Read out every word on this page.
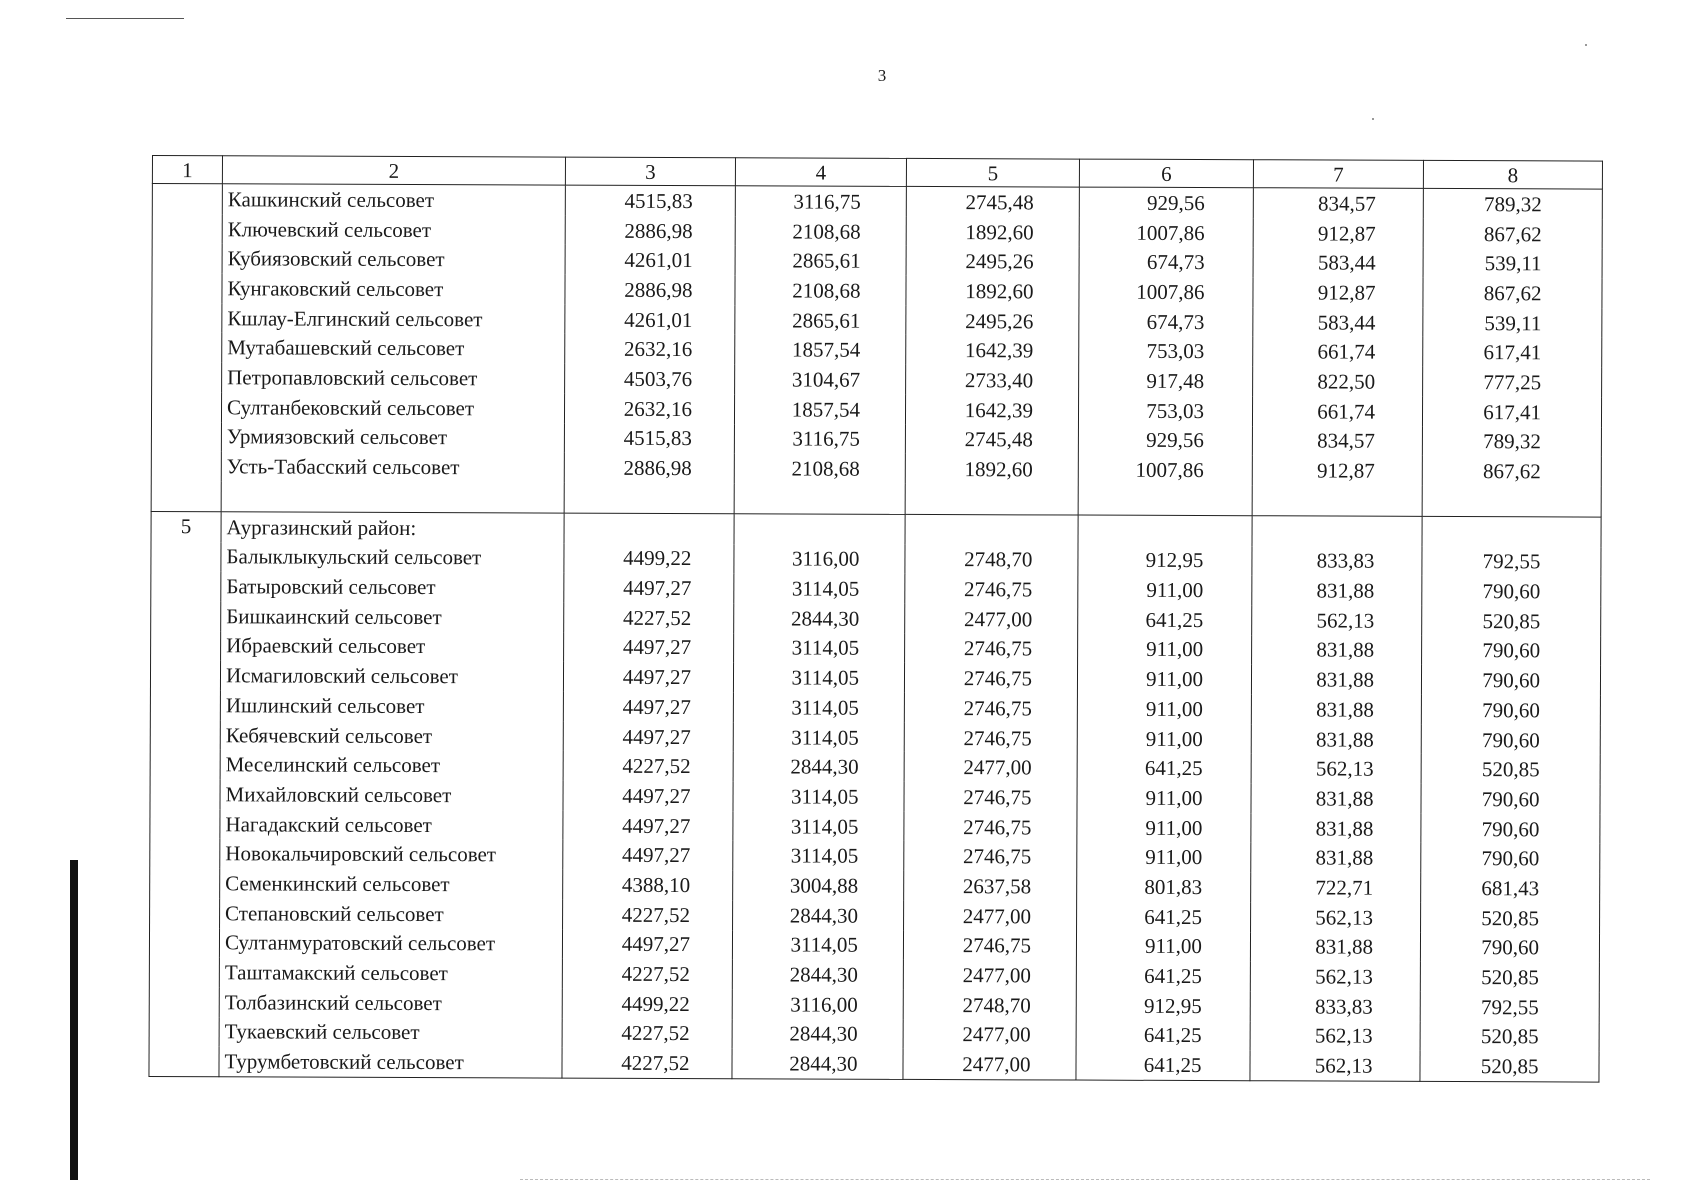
3
1	2	3	4	5	6	7	8
	Кашкинский сельсовет	4515,83	3116,75	2745,48	929,56	834,57	789,32
	Ключевский сельсовет	2886,98	2108,68	1892,60	1007,86	912,87	867,62
	Кубиязовский сельсовет	4261,01	2865,61	2495,26	674,73	583,44	539,11
	Кунгаковский сельсовет	2886,98	2108,68	1892,60	1007,86	912,87	867,62
	Кшлау-Елгинский сельсовет	4261,01	2865,61	2495,26	674,73	583,44	539,11
	Мутабашевский сельсовет	2632,16	1857,54	1642,39	753,03	661,74	617,41
	Петропавловский сельсовет	4503,76	3104,67	2733,40	917,48	822,50	777,25
	Султанбековский сельсовет	2632,16	1857,54	1642,39	753,03	661,74	617,41
	Урмиязовский сельсовет	4515,83	3116,75	2745,48	929,56	834,57	789,32
	Усть-Табасский сельсовет	2886,98	2108,68	1892,60	1007,86	912,87	867,62

5	Аургазинский район:						
	Балыклыкульский сельсовет	4499,22	3116,00	2748,70	912,95	833,83	792,55
	Батыровский сельсовет	4497,27	3114,05	2746,75	911,00	831,88	790,60
	Бишкаинский сельсовет	4227,52	2844,30	2477,00	641,25	562,13	520,85
	Ибраевский сельсовет	4497,27	3114,05	2746,75	911,00	831,88	790,60
	Исмагиловский сельсовет	4497,27	3114,05	2746,75	911,00	831,88	790,60
	Ишлинский сельсовет	4497,27	3114,05	2746,75	911,00	831,88	790,60
	Кебячевский сельсовет	4497,27	3114,05	2746,75	911,00	831,88	790,60
	Меселинский сельсовет	4227,52	2844,30	2477,00	641,25	562,13	520,85
	Михайловский сельсовет	4497,27	3114,05	2746,75	911,00	831,88	790,60
	Нагадакский сельсовет	4497,27	3114,05	2746,75	911,00	831,88	790,60
	Новокальчировский сельсовет	4497,27	3114,05	2746,75	911,00	831,88	790,60
	Семенкинский сельсовет	4388,10	3004,88	2637,58	801,83	722,71	681,43
	Степановский сельсовет	4227,52	2844,30	2477,00	641,25	562,13	520,85
	Султанмуратовский сельсовет	4497,27	3114,05	2746,75	911,00	831,88	790,60
	Таштамакский сельсовет	4227,52	2844,30	2477,00	641,25	562,13	520,85
	Толбазинский сельсовет	4499,22	3116,00	2748,70	912,95	833,83	792,55
	Тукаевский сельсовет	4227,52	2844,30	2477,00	641,25	562,13	520,85
	Турумбетовский сельсовет	4227,52	2844,30	2477,00	641,25	562,13	520,85
